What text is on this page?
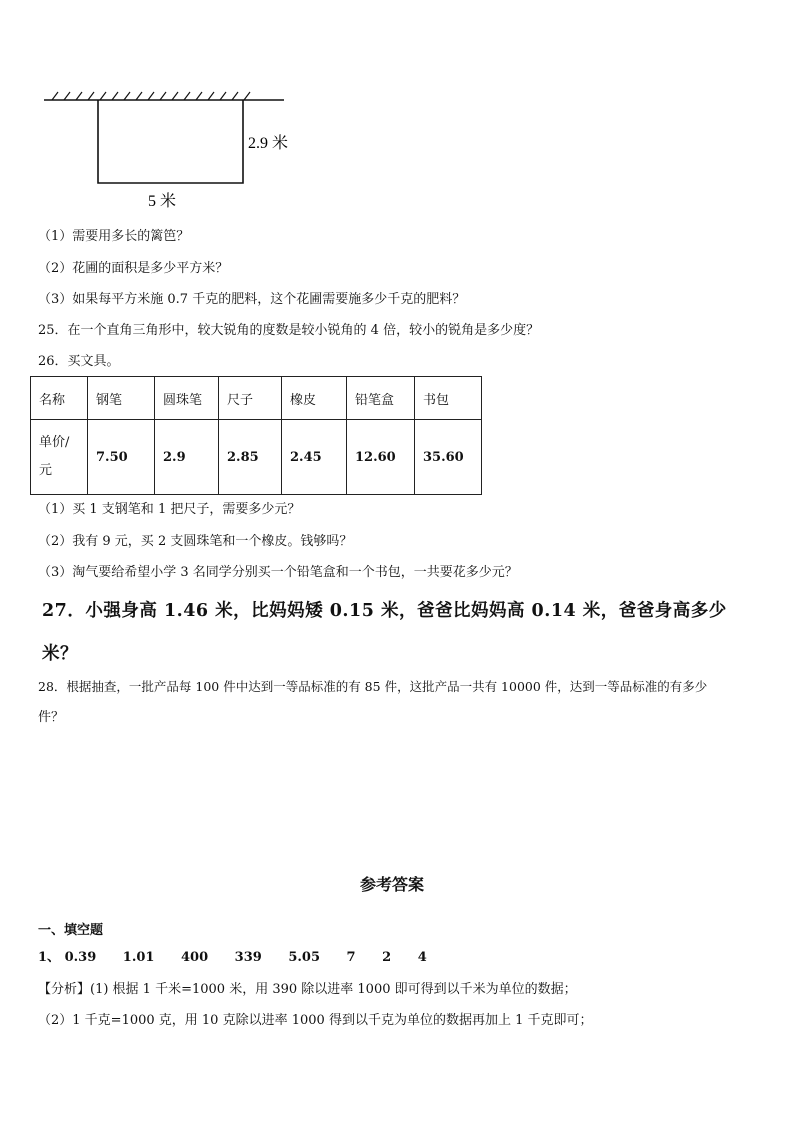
2.9 米
5 米
（1）需要用多长的篱笆？
（2）花圃的面积是多少平方米？
（3）如果每平方米施 0.7 千克的肥料，这个花圃需要施多少千克的肥料？
25．在一个直角三角形中，较大锐角的度数是较小锐角的 4 倍，较小的锐角是多少度？
26．买文具。
名称	钢笔	圆珠笔	尺子	橡皮	铅笔盒	书包
单价/
元	7.50	2.9	2.85	2.45	12.60	35.60
（1）买 1 支钢笔和 1 把尺子，需要多少元？
（2）我有 9 元，买 2 支圆珠笔和一个橡皮。钱够吗？
（3）淘气要给希望小学 3 名同学分别买一个铅笔盒和一个书包，一共要花多少元？
27．小强身高 1.46 米，比妈妈矮 0.15 米，爸爸比妈妈高 0.14 米，爸爸身高多少
米？
28．根据抽查，一批产品每 100 件中达到一等品标准的有 85 件，这批产品一共有 10000 件，达到一等品标准的有多少
件？
参考答案
一、填空题
1、 0.39 1.01 400 339 5.05 7 2 4
【分析】(1) 根据 1 千米=1000 米，用 390 除以进率 1000 即可得到以千米为单位的数据；
（2）1 千克=1000 克，用 10 克除以进率 1000 得到以千克为单位的数据再加上 1 千克即可；
